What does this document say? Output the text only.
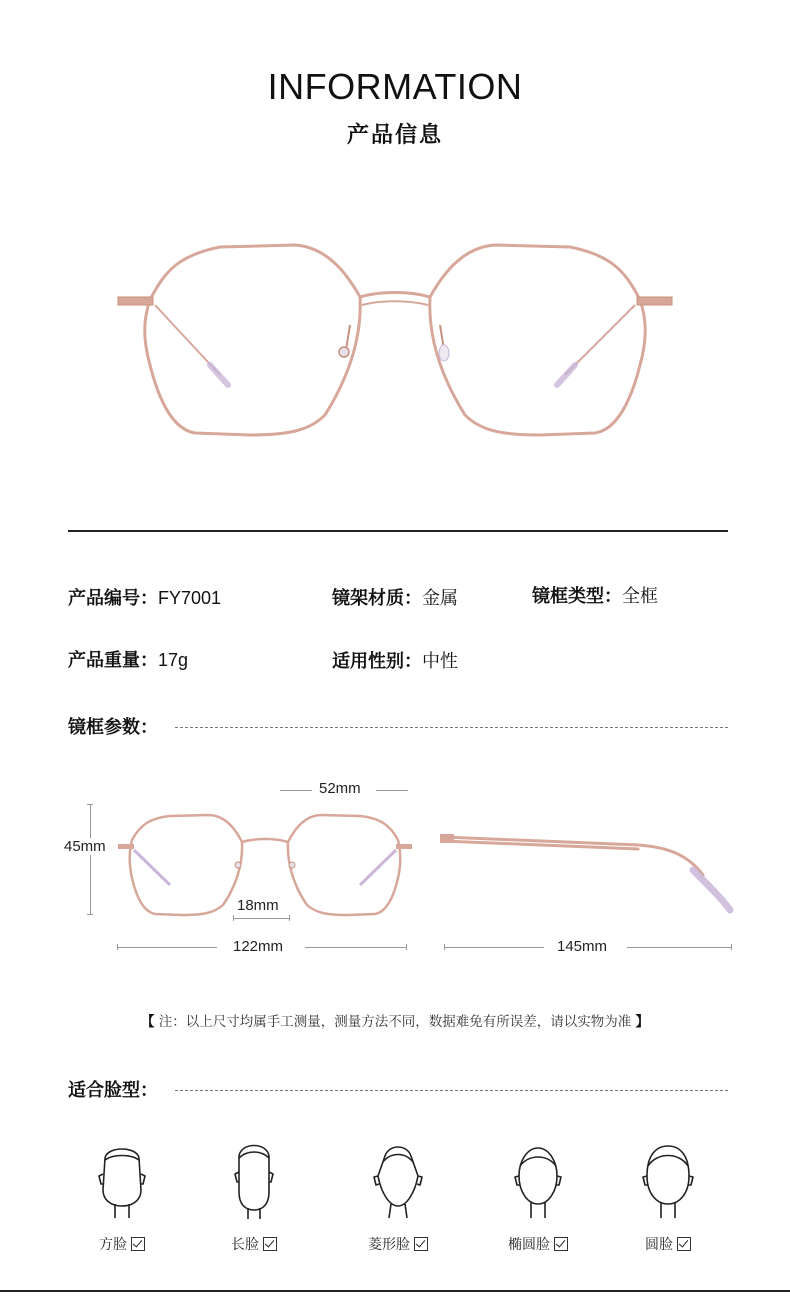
INFORMATION
产品信息
产品编号：FY7001	镜架材质：金属	镜框类型：全框
产品重量：17g	适用性别：中性
镜框参数：
52mm
45mm
18mm
122mm	145mm
【 注：以上尺寸均属手工测量，测量方法不同，数据难免有所误差，请以实物为准 】
适合脸型：
方脸	长脸	菱形脸	椭圆脸	圆脸
